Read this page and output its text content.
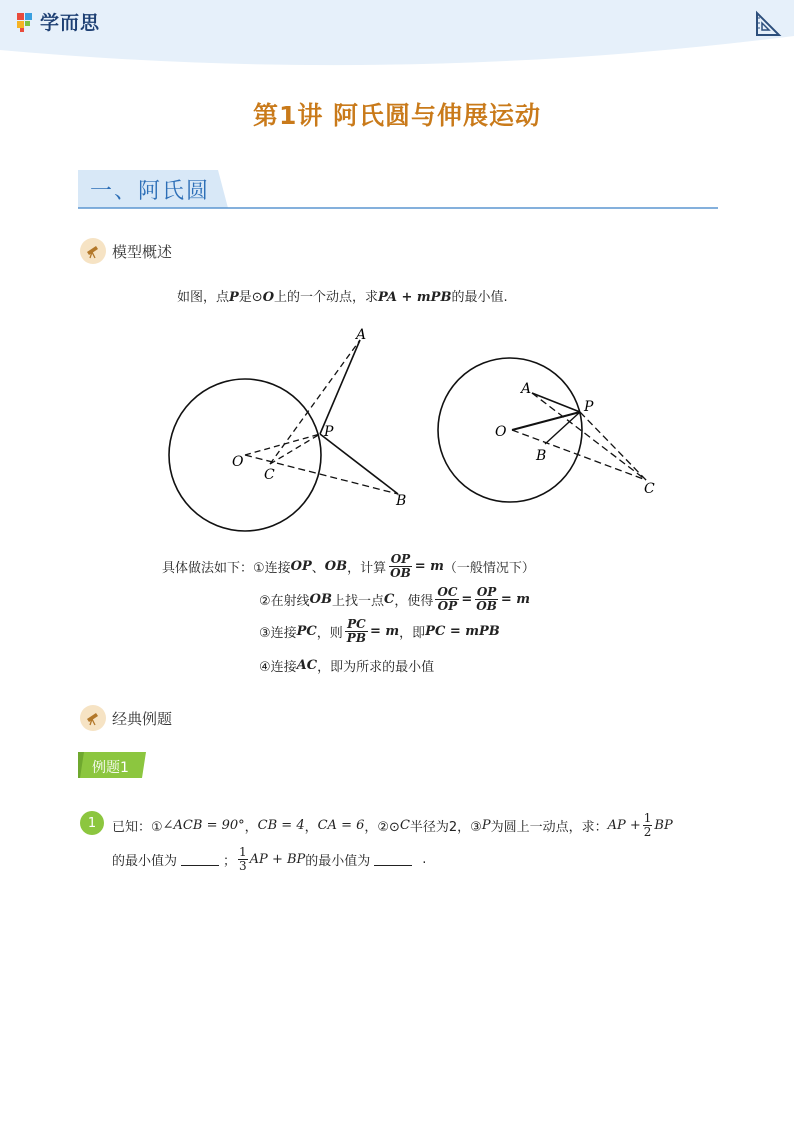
学而思
第1讲 阿氏圆与伸展运动
一、阿氏圆
模型概述
如图，点P是⊙O上的一个动点，求PA + mPB的最小值.
A
P
O
C
B
A
P
O
B
C
具体做法如下： ①连接 OP 、 OB ，计算 $\frac{OP}{OB} = m$ （一般情况下）
②在射线 OB 上找一点 C ，使得 $\frac{OC}{OP} = \frac{OP}{OB} = m$
③连接 PC ，则 $\frac{PC}{PB} = m$ ，即 PC = mPB
④连接 AC ，即为所求的最小值
经典例题
例题1
1	已知：① ∠ACB = 90° ， CB = 4 ， CA = 6 ，②⊙ C 半径为2，③ P 为圆上一动点，求： AP + $\frac{1}{2}$ BP
的最小值为	； $\frac{1}{3}$ AP + BP 的最小值为	.
